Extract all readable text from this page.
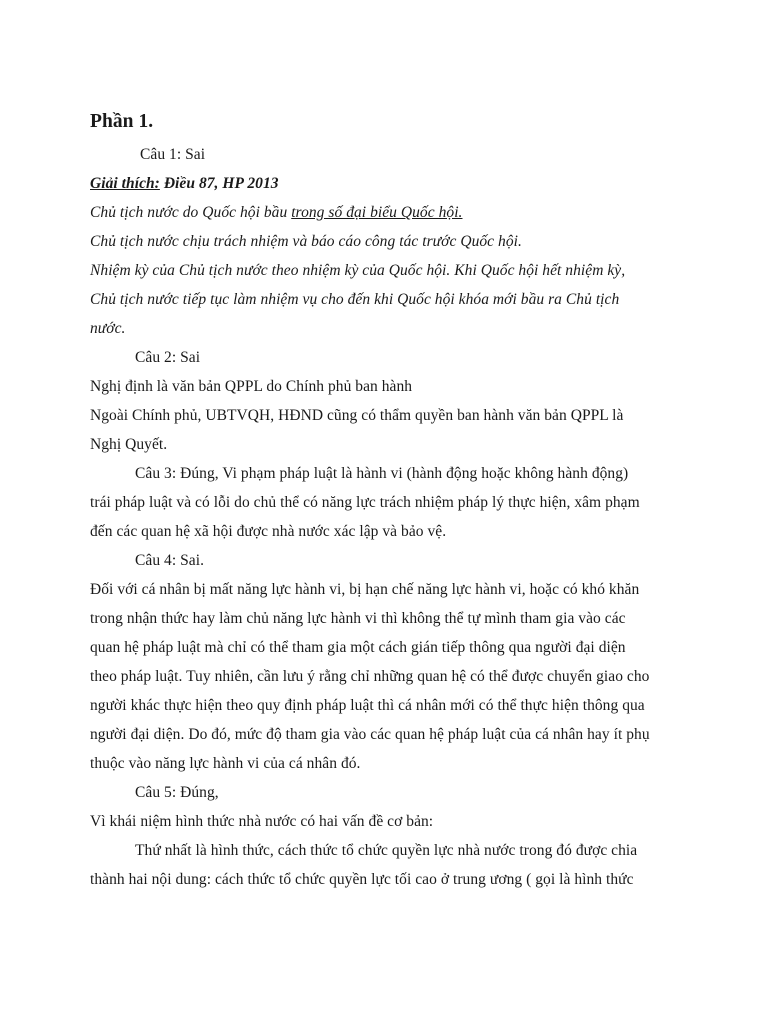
Phần 1.
Câu 1: Sai
Giải thích: Điều 87, HP 2013
Chủ tịch nước do Quốc hội bầu trong số đại biểu Quốc hội.
Chủ tịch nước chịu trách nhiệm và báo cáo công tác trước Quốc hội.
Nhiệm kỳ của Chủ tịch nước theo nhiệm kỳ của Quốc hội. Khi Quốc hội hết nhiệm kỳ,
Chủ tịch nước tiếp tục làm nhiệm vụ cho đến khi Quốc hội khóa mới bầu ra Chủ tịch
nước.
Câu 2: Sai
Nghị định là văn bản QPPL do Chính phủ ban hành
Ngoài Chính phủ, UBTVQH, HĐND cũng có thẩm quyền ban hành văn bản QPPL là
Nghị Quyết.
Câu 3: Đúng, Vi phạm pháp luật là hành vi (hành động hoặc không hành động)
trái pháp luật và có lỗi do chủ thể có năng lực trách nhiệm pháp lý thực hiện, xâm phạm
đến các quan hệ xã hội được nhà nước xác lập và bảo vệ.
Câu 4: Sai.
Đối với cá nhân bị mất năng lực hành vi, bị hạn chế năng lực hành vi, hoặc có khó khăn
trong nhận thức hay làm chủ năng lực hành vi thì không thể tự mình tham gia vào các
quan hệ pháp luật mà chỉ có thể tham gia một cách gián tiếp thông qua người đại diện
theo pháp luật. Tuy nhiên, cần lưu ý rằng chỉ những quan hệ có thể được chuyển giao cho
người khác thực hiện theo quy định pháp luật thì cá nhân mới có thể thực hiện thông qua
người đại diện. Do đó, mức độ tham gia vào các quan hệ pháp luật của cá nhân hay ít phụ
thuộc vào năng lực hành vi của cá nhân đó.
Câu 5: Đúng,
Vì khái niệm hình thức nhà nước có hai vấn đề cơ bản:
Thứ nhất là hình thức, cách thức tổ chức quyền lực nhà nước trong đó được chia
thành hai nội dung: cách thức tổ chức quyền lực tối cao ở trung ương ( gọi là hình thức
